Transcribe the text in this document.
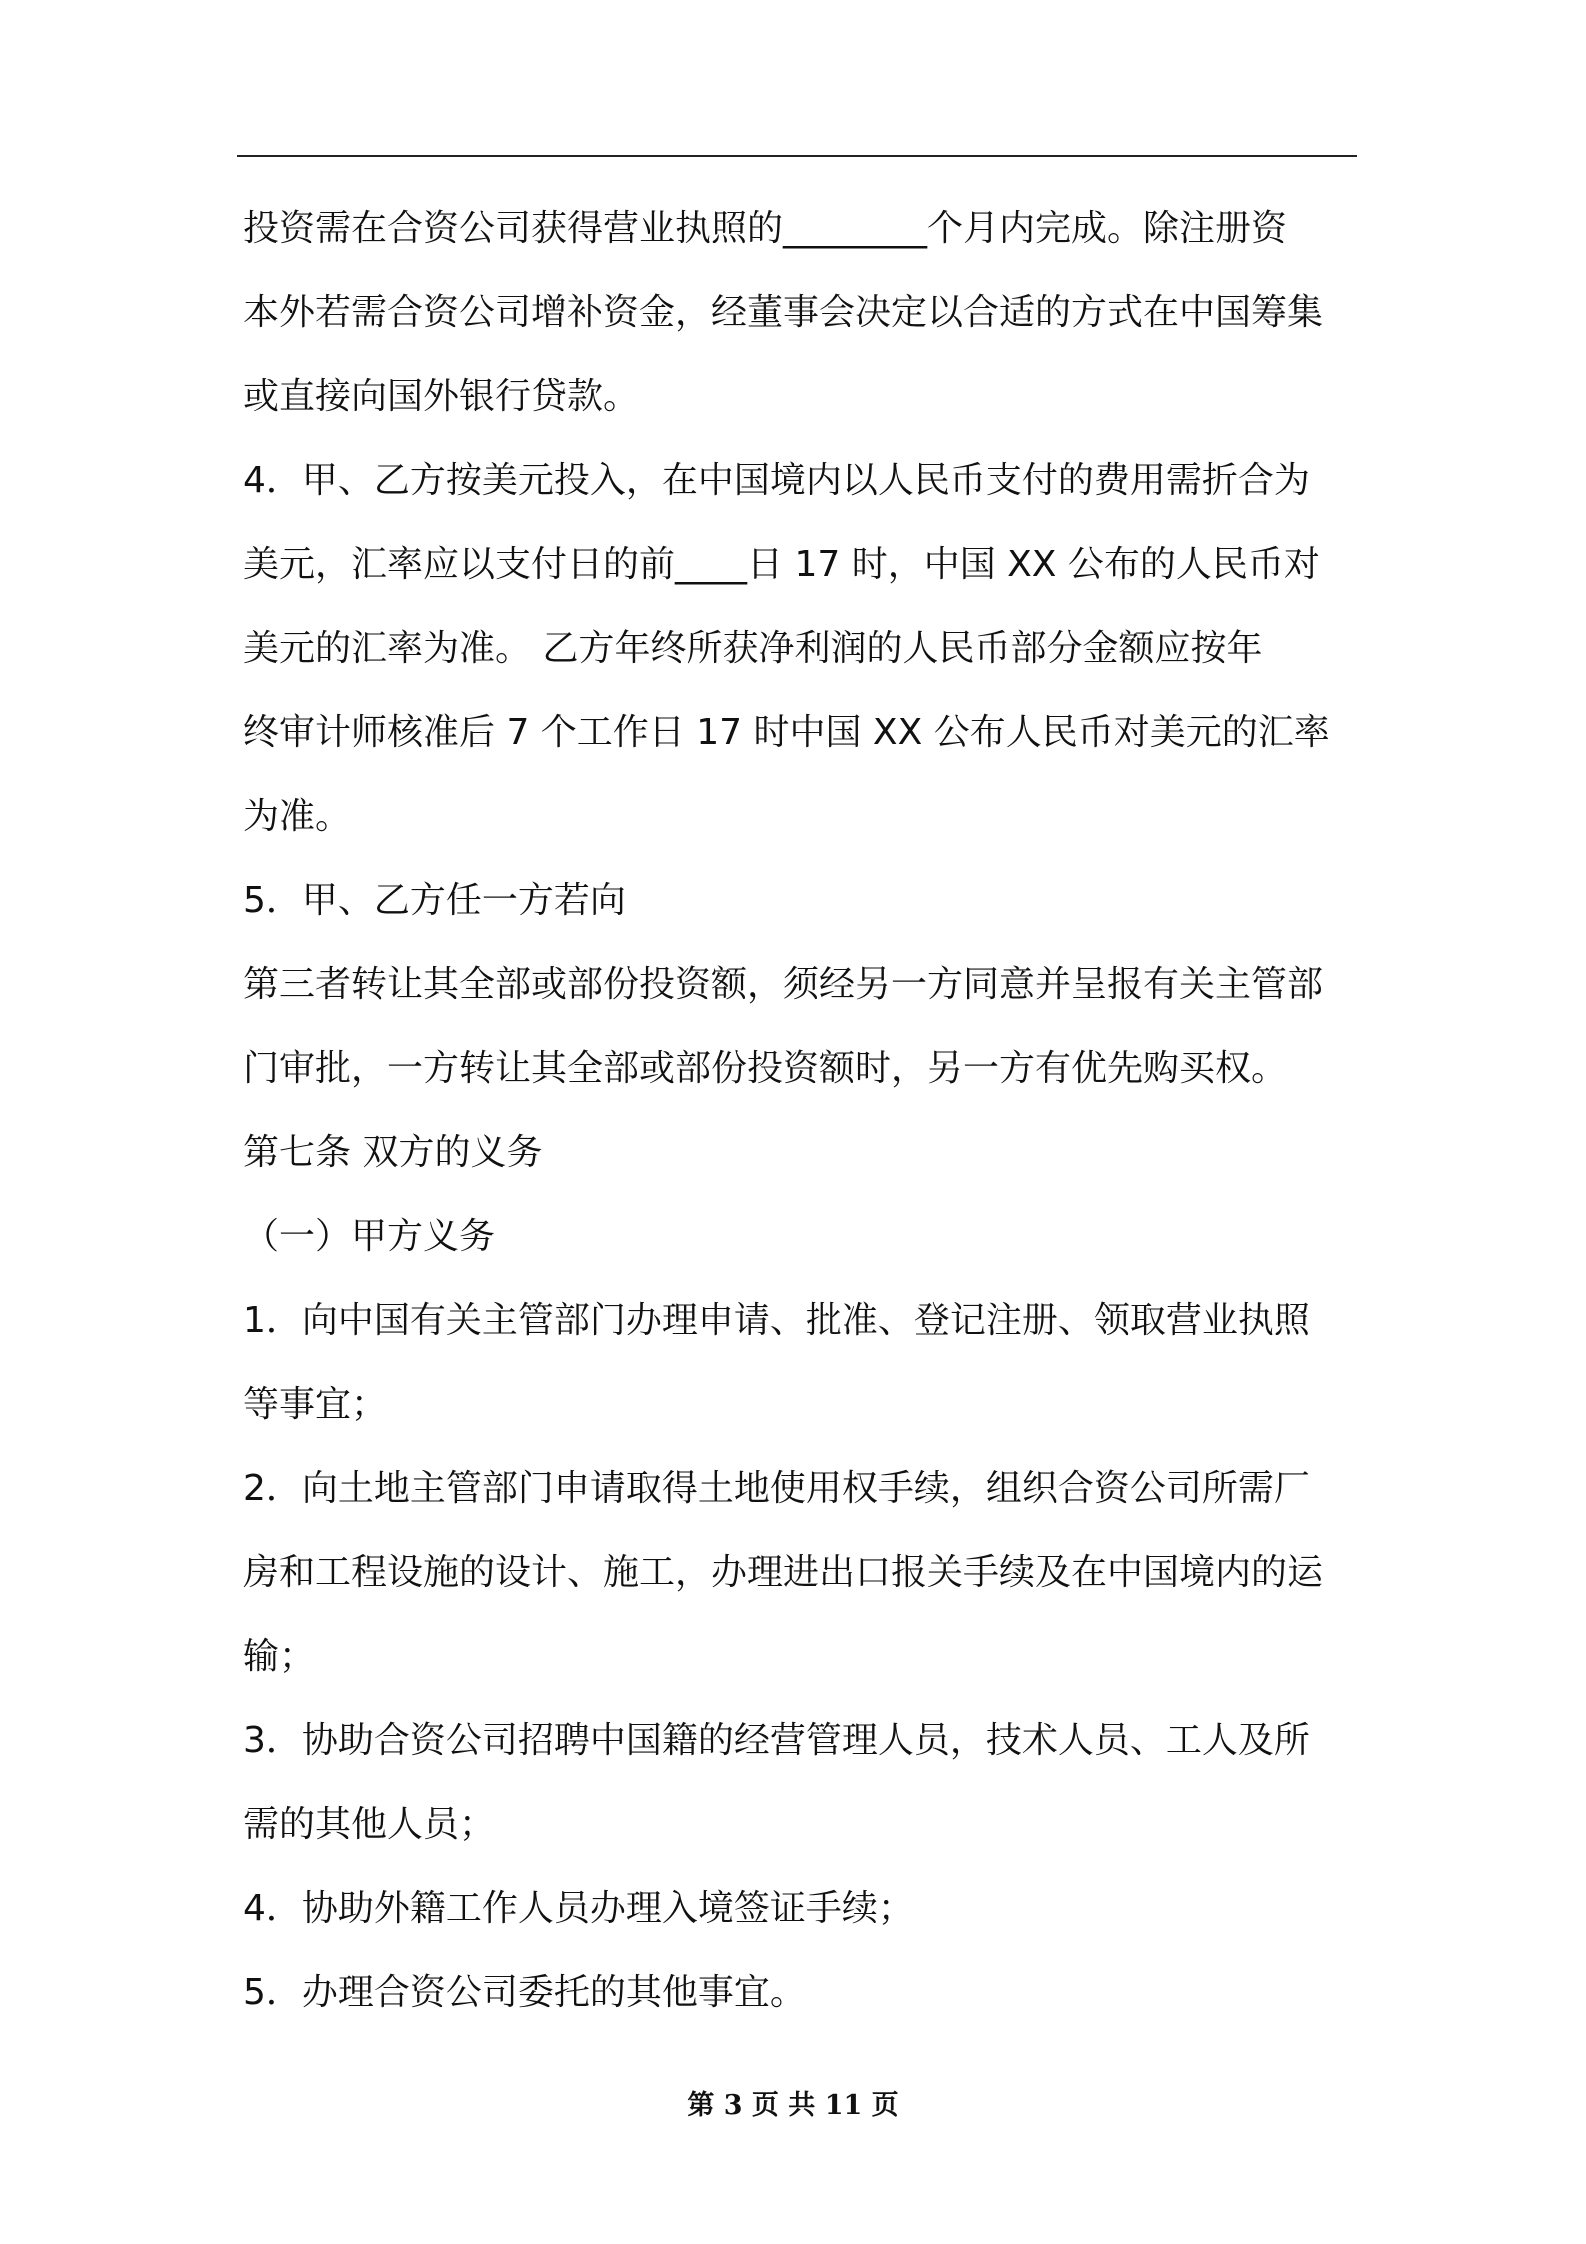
投资需在合资公司获得营业执照的________个月内完成。除注册资
本外若需合资公司增补资金，经董事会决定以合适的方式在中国筹集
或直接向国外银行贷款。
4．甲、乙方按美元投入，在中国境内以人民币支付的费用需折合为
美元，汇率应以支付日的前____日 17 时，中国 XX 公布的人民币对
美元的汇率为准。 乙方年终所获净利润的人民币部分金额应按年
终审计师核准后 7 个工作日 17 时中国 XX 公布人民币对美元的汇率
为准。
5．甲、乙方任一方若向
第三者转让其全部或部份投资额，须经另一方同意并呈报有关主管部
门审批，一方转让其全部或部份投资额时，另一方有优先购买权。
第七条 双方的义务
（一）甲方义务
1．向中国有关主管部门办理申请、批准、登记注册、领取营业执照
等事宜；
2．向土地主管部门申请取得土地使用权手续，组织合资公司所需厂
房和工程设施的设计、施工，办理进出口报关手续及在中国境内的运
输；
3．协助合资公司招聘中国籍的经营管理人员，技术人员、工人及所
需的其他人员；
4．协助外籍工作人员办理入境签证手续；
5．办理合资公司委托的其他事宜。
第 3 页 共 11 页
